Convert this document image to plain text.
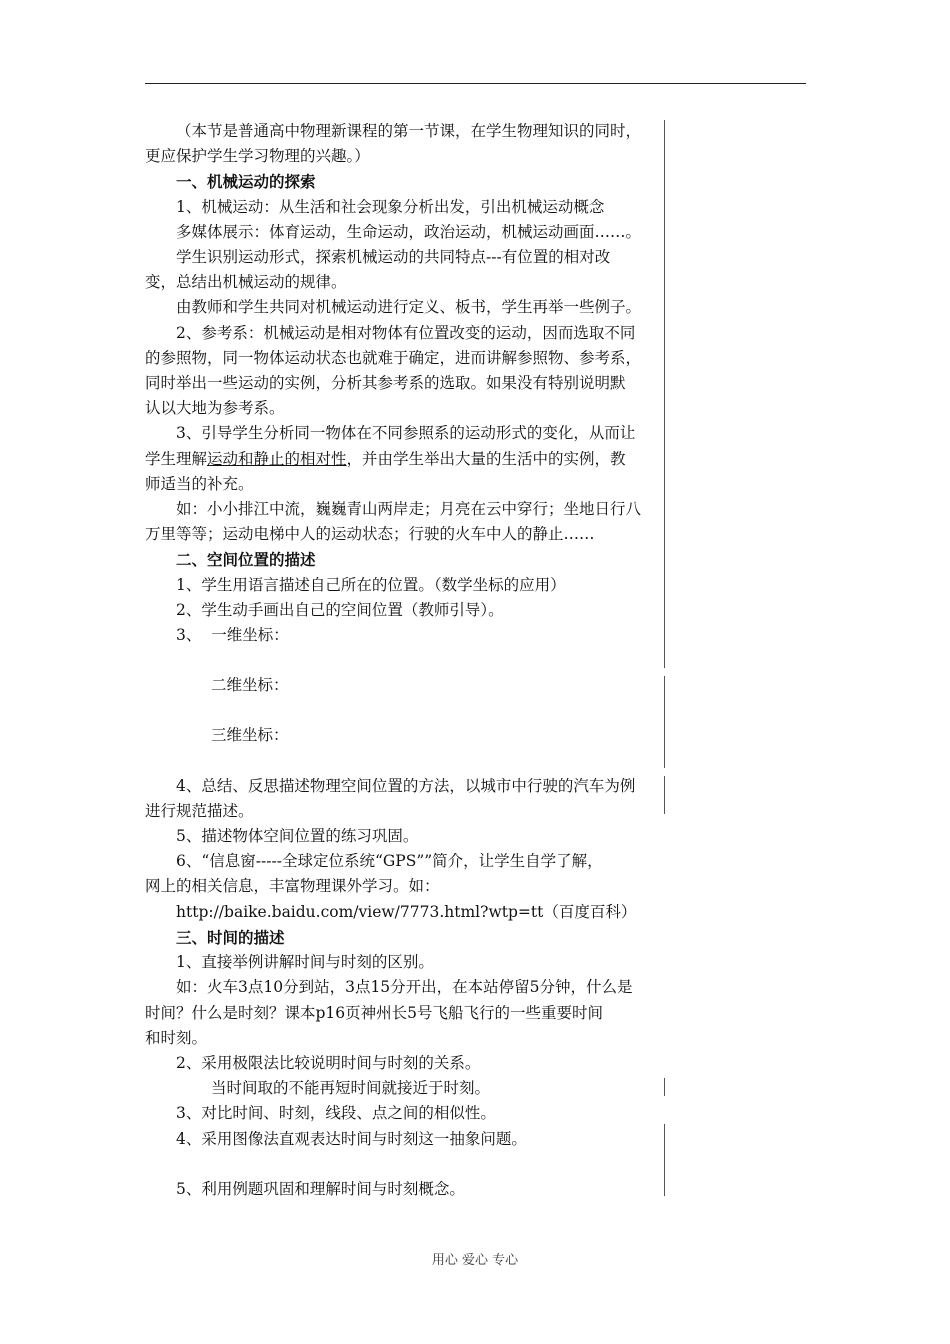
（本节是普通高中物理新课程的第一节课，在学生物理知识的同时，

更应保护学生学习物理的兴趣。）

一、机械运动的探索

1、机械运动：从生活和社会现象分析出发，引出机械运动概念

多媒体展示：体育运动，生命运动，政治运动，机械运动画面……。

学生识别运动形式，探索机械运动的共同特点---有位置的相对改

变，总结出机械运动的规律。

由教师和学生共同对机械运动进行定义、板书，学生再举一些例子。

2、参考系：机械运动是相对物体有位置改变的运动，因而选取不同

的参照物，同一物体运动状态也就难于确定，进而讲解参照物、参考系，

同时举出一些运动的实例，分析其参考系的选取。如果没有特别说明默

认以大地为参考系。

3、引导学生分析同一物体在不同参照系的运动形式的变化，从而让

学生理解运动和静止的相对性，并由学生举出大量的生活中的实例，教

师适当的补充。

如：小小排江中流，巍巍青山两岸走；月亮在云中穿行；坐地日行八

万里等等；运动电梯中人的运动状态；行驶的火车中人的静止……

二、空间位置的描述

1、学生用语言描述自己所在的位置。（数学坐标的应用）

2、学生动手画出自己的空间位置（教师引导）。

3、  一维坐标：

二维坐标：

三维坐标：

4、总结、反思描述物理空间位置的方法，以城市中行驶的汽车为例

进行规范描述。

5、描述物体空间位置的练习巩固。

6、“信息窗-----全球定位系统“GPS””简介，让学生自学了解，

网上的相关信息，丰富物理课外学习。如：

http://baike.baidu.com/view/7773.html?wtp=tt（百度百科）

三、时间的描述

1、直接举例讲解时间与时刻的区别。

如：火车3点10分到站，3点15分开出，在本站停留5分钟，什么是

时间？什么是时刻？课本p16页神州长5号飞船飞行的一些重要时间

和时刻。

2、采用极限法比较说明时间与时刻的关系。

当时间取的不能再短时间就接近于时刻。

3、对比时间、时刻，线段、点之间的相似性。

4、采用图像法直观表达时间与时刻这一抽象问题。

5、利用例题巩固和理解时间与时刻概念。

用心 爱心 专心
